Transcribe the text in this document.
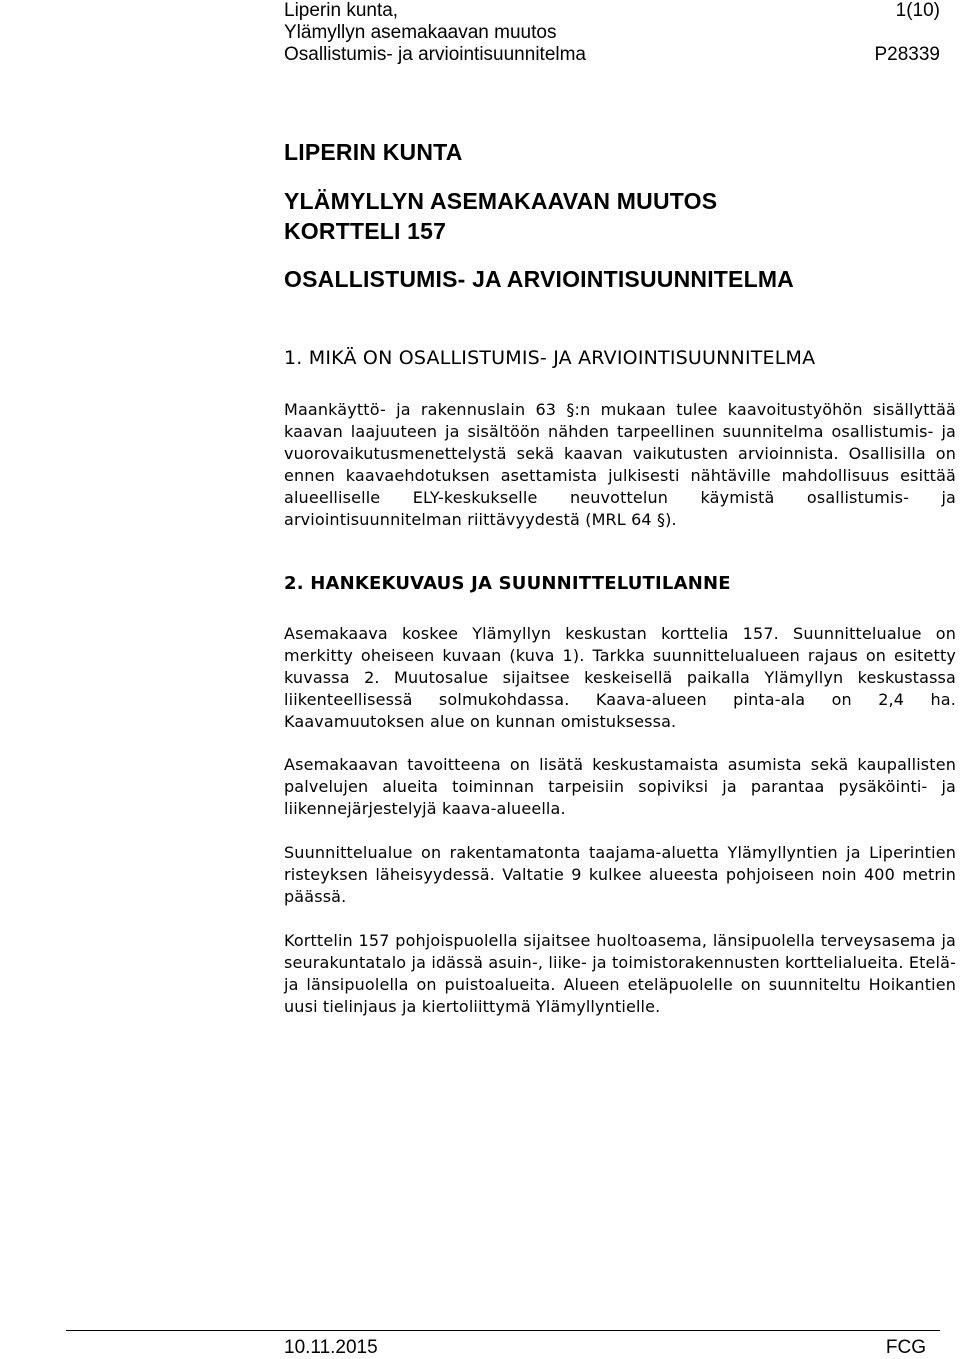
Liperin kunta,	1(10)
Ylämyllyn asemakaavan muutos
Osallistumis- ja arviointisuunnitelma	P28339
LIPERIN KUNTA
YLÄMYLLYN ASEMAKAAVAN MUUTOS
KORTTELI 157
OSALLISTUMIS- JA ARVIOINTISUUNNITELMA
1. MIKÄ ON OSALLISTUMIS- JA ARVIOINTISUUNNITELMA
Maankäyttö- ja rakennuslain 63 §:n mukaan tulee kaavoitustyöhön sisällyttää kaavan laajuuteen ja sisältöön nähden tarpeellinen suunnitelma osallistumis- ja vuorovaikutusmenettelystä sekä kaavan vaikutusten arvioinnista. Osallisilla on ennen kaavaehdotuksen asettamista julkisesti nähtäville mahdollisuus esittää alueelliselle ELY-keskukselle neuvottelun käymistä osallistumis- ja arviointisuunnitelman riittävyydestä (MRL 64 §).
2. HANKEKUVAUS JA SUUNNITTELUTILANNE
Asemakaava koskee Ylämyllyn keskustan korttelia 157. Suunnittelualue on merkitty oheiseen kuvaan (kuva 1). Tarkka suunnittelualueen rajaus on esitetty kuvassa 2. Muutosalue sijaitsee keskeisellä paikalla Ylämyllyn keskustassa liikenteellisessä solmukohdassa. Kaava-alueen pinta-ala on 2,4 ha. Kaavamuutoksen alue on kunnan omistuksessa.
Asemakaavan tavoitteena on lisätä keskustamaista asumista sekä kaupallisten palvelujen alueita toiminnan tarpeisiin sopiviksi ja parantaa pysäköinti- ja liikennejärjestelyjä kaava-alueella.
Suunnittelualue on rakentamatonta taajama-aluetta Ylämyllyntien ja Liperintien risteyksen läheisyydessä. Valtatie 9 kulkee alueesta pohjoiseen noin 400 metrin päässä.
Korttelin 157 pohjoispuolella sijaitsee huoltoasema, länsipuolella terveysasema ja seurakuntatalo ja idässä asuin-, liike- ja toimistorakennusten korttelialueita. Etelä- ja länsipuolella on puistoalueita. Alueen eteläpuolelle on suunniteltu Hoikantien uusi tielinjaus ja kiertoliittymä Ylämyllyntielle.
10.11.2015	FCG
